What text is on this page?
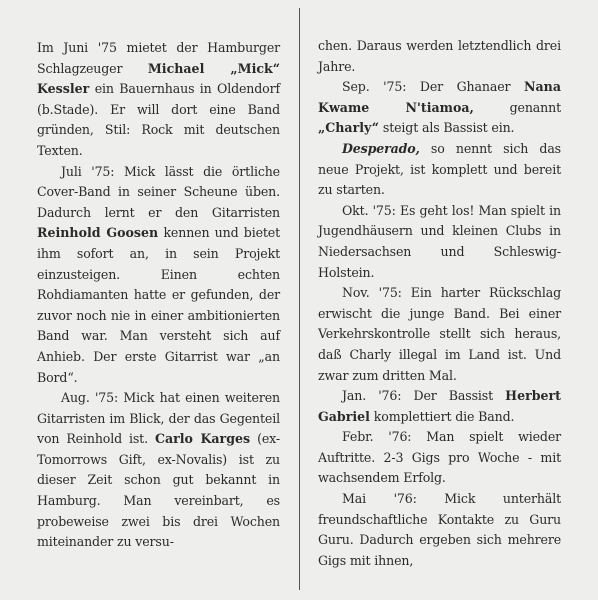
Im Juni '75 mietet der Hamburger Schlagzeuger Michael „Mick“ Kessler ein Bauernhaus in Oldendorf (b.Stade). Er will dort eine Band gründen, Stil: Rock mit deutschen Texten.

Juli '75: Mick lässt die örtliche Cover-Band in seiner Scheune üben. Dadurch lernt er den Gitarristen Reinhold Goosen kennen und bietet ihm sofort an, in sein Projekt einzusteigen. Einen echten Rohdiamanten hatte er gefunden, der zuvor noch nie in einer ambitionierten Band war. Man versteht sich auf Anhieb. Der erste Gitarrist war „an Bord“.

Aug. '75: Mick hat einen weiteren Gitarristen im Blick, der das Gegenteil von Reinhold ist. Carlo Karges (ex-Tomorrows Gift, ex-Novalis) ist zu dieser Zeit schon gut bekannt in Hamburg. Man vereinbart, es probeweise zwei bis drei Wochen miteinander zu versu-

chen. Daraus werden letztendlich drei Jahre.

Sep. '75: Der Ghanaer Nana Kwame N'tiamoa, genannt „Charly“ steigt als Bassist ein.

Desperado, so nennt sich das neue Projekt, ist komplett und bereit zu starten.

Okt. '75: Es geht los! Man spielt in Jugendhäusern und kleinen Clubs in Niedersachsen und Schleswig-Holstein.

Nov. '75: Ein harter Rückschlag erwischt die junge Band. Bei einer Verkehrskontrolle stellt sich heraus, daß Charly illegal im Land ist. Und zwar zum dritten Mal.

Jan. '76: Der Bassist Herbert Gabriel komplettiert die Band.

Febr. '76: Man spielt wieder Auftritte. 2-3 Gigs pro Woche - mit wachsendem Erfolg.

Mai '76: Mick unterhält freundschaftliche Kontakte zu Guru Guru. Dadurch ergeben sich mehrere Gigs mit ihnen,
